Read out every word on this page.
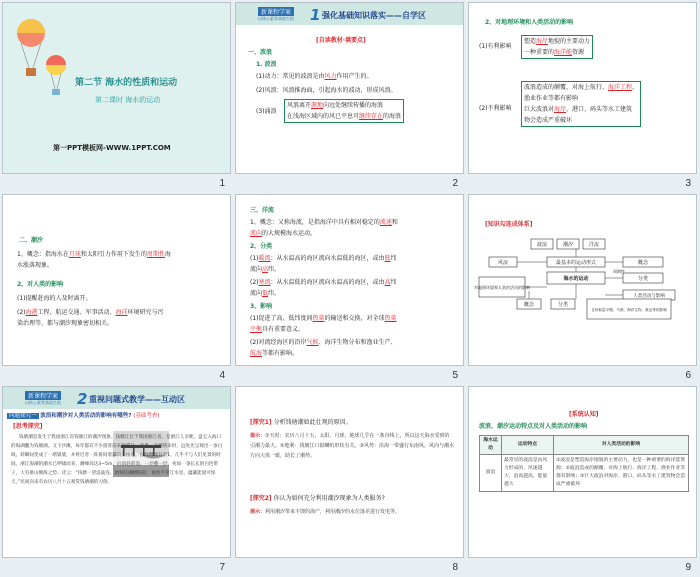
第二节 海水的性质和运动
第二课时 海水的运动
第一PPT模板网-WWW.1PPT.COM
1
新课程学案
以核心素养落地生根 1 强化基础知识落实——自学区
[自读教材·填要点]
一、波浪
1. 波浪
(1)动力：常见的波浪是由风力作用产生的。
(2)风浪：风浪推海面，引起海水的波动，形成风浪。
(3)涌浪
风浪离开源地向远处继续传播的海浪
在浅海区域内的风已平息可继续存在的海浪
2
2、对地理环境和人类活动的影响
(1)有利影响
塑造海岸地貌的主要动力
一种重要的海洋能资源
(2)不利影响
波浪造成的颠覆、对海上航行、海洋工程、
渔业作业等都有影响
巨大波浪对海岸、港口、码头等水工建筑
物会造成严重破坏
3
二、潮汐
1、概念：指海水在月球和太阳引力作用下发生的周期性海
水涨落现象。
2、对人类的影响
(1)提醒赶海的人及时离开。
(2)海港工程、航运交通、军事活动、海洋环境研究与污
染治理等，都与潮汐现象密切相关。
4
三、洋流
1、概念：又称海流，是指海洋中具有相对稳定的流速和
流向的大规模海水运动。
2、分类
(1)暖流：从水温高的海区流向水温低的海区，或由低纬
流向高纬。
(2)寒流：从水温低的海区流向水温高的海区，或由高纬
流向低纬。
3、影响
(1)促进了高、低纬度间热量的输送和交换，对全球热量
平衡具有重要意义。
(2)对流经海区的沿岸气候、海洋生物分布和渔业生产、
航海等都有影响。
5
[知识勾连成体系]
波浪	潮汐	洋流
风浪	最基本的运动形式	概念
海水的运动
对地理环境和人类的活动的影响
分类
人类活动与影响
概念	分类
含体积量平衡、气候、海洋生物、航运等的影响
周期性
6
新课程学案
以核心素养落地生根 2 重视问题式教学——互动区
问题探究一 波浪和潮汐对人类活动的影响有哪些? (基础考查)
[思考探究]
钱塘潮是发生于我国浙江省钱塘江的潮汐现象。钱塘江位于我国浙江省，是浙江人亲昵，盘它入海口的海湖翻为钱塘湖。又下沙滩，每年都有不少游客前来观赏这一奇景。亲潮到来时，远处先呈现出一条白线，转瞬间变成了一堵银墙，并将近者一阵排闷着都向前推进。白线继续升至1，几乎不与人们见景的时间。浙江海潮的潮水已呼啸而来，潮峰高达3~5m，后浪赶前浪，一层叠一层，宛如一条长长的白色带子，大有排山倒海之势。诗云：“钱塘一望浪波连，顷刻狂澜横眼前；看似平常江水里，蕴藏能量可惊天。”民间向来有农历八月十五观赏钱塘潮的习俗。
7
[探究1] 分析钱塘潮如此壮观的原因。
提示：①天时：农历八月十五，太阳、月球、地球几乎在一条直线上，所以这天海水受到的引潮力最大。②地利：钱塘江口似喇叭形状有关。③风势：沿海一带盛行东南风，风向与潮水方向大体一致，助长了潮势。
[探究2] 你认为如何充分利用潮汐现象为人类服务?
提示：利用潮汐带来丰饶的海产，利用潮汐的水位落差进行发电等。
8
[系统认知]
波浪、潮汐运动特点及对人类活动的影响
海水运动	运动特点	对人类活动的影响
波浪	最常见的波浪是由风力形成的，风速越大、浪高越高，能量越大	①波浪是塑造海岸地貌的主要动力，也是一种重要的海洋能资源；②波浪造成的颠覆、对海上航行、海洋工程、渔业作业等都有影响；③巨大波浪对海岸、港口、码头等水工建筑物会造成严重破坏
9
